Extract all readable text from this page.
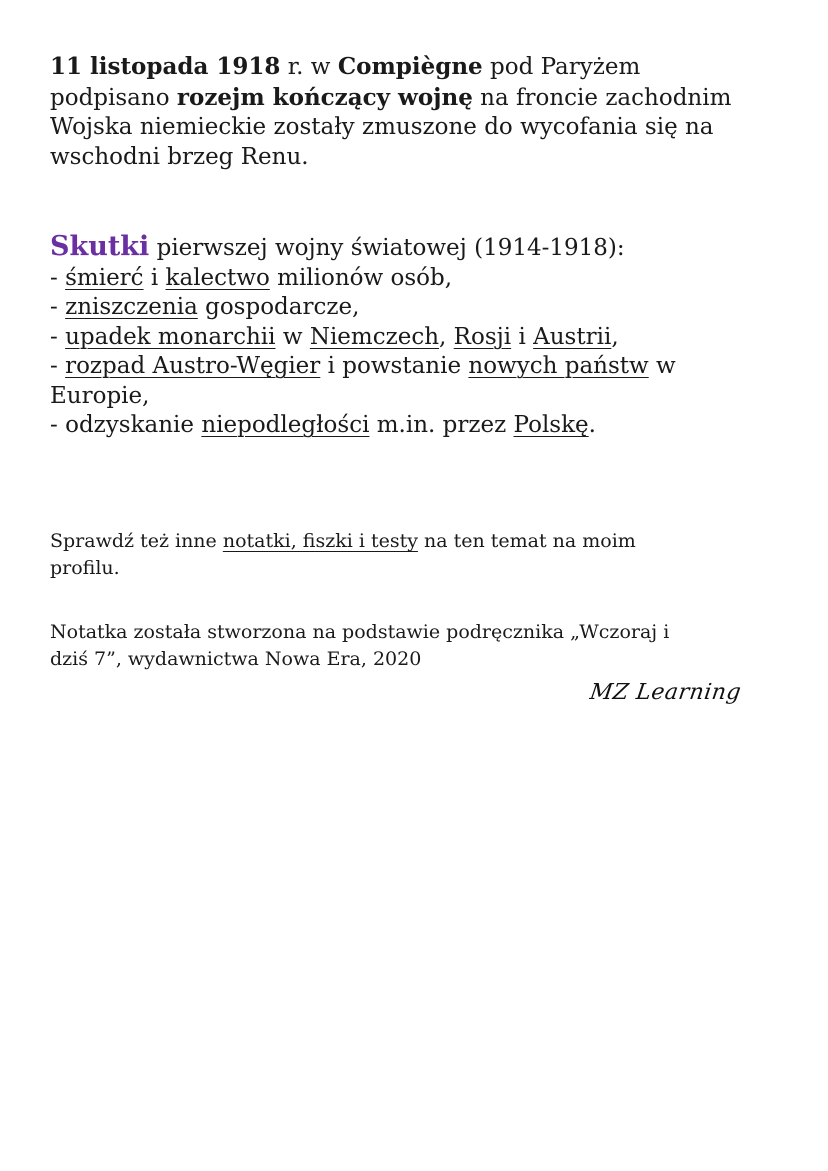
11 listopada 1918 r. w Compiègne pod Paryżem
podpisano rozejm kończący wojnę na froncie zachodnim
Wojska niemieckie zostały zmuszone do wycofania się na
wschodni brzeg Renu.
Skutki pierwszej wojny światowej (1914-1918):
- śmierć i kalectwo milionów osób,
- zniszczenia gospodarcze,
- upadek monarchii w Niemczech, Rosji i Austrii,
- rozpad Austro-Węgier i powstanie nowych państw w
Europie,
- odzyskanie niepodległości m.in. przez Polskę.
Sprawdź też inne notatki, fiszki i testy na ten temat na moim
profilu.
Notatka została stworzona na podstawie podręcznika „Wczoraj i
dziś 7”, wydawnictwa Nowa Era, 2020
MZ Learning
